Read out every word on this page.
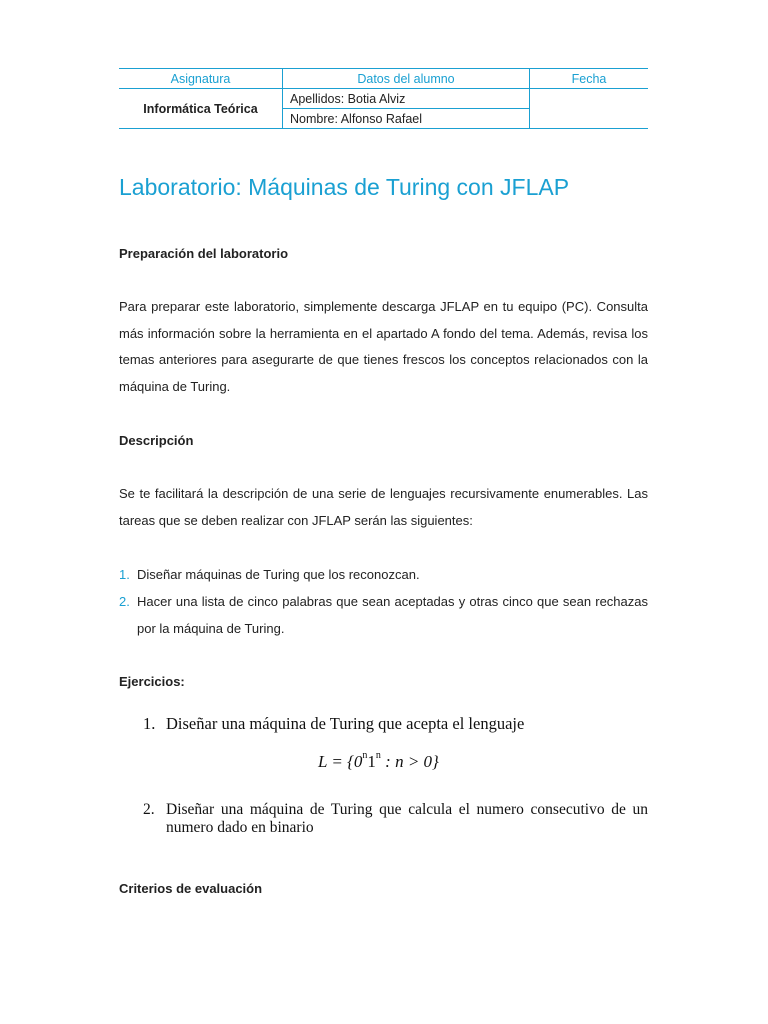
Asignatura	Datos del alumno	Fecha
Informática Teórica	Apellidos: Botia Alviz	
	Nombre: Alfonso Rafael	
Laboratorio: Máquinas de Turing con JFLAP
Preparación del laboratorio
Para preparar este laboratorio, simplemente descarga JFLAP en tu equipo (PC). Consulta más información sobre la herramienta en el apartado A fondo del tema. Además, revisa los temas anteriores para asegurarte de que tienes frescos los conceptos relacionados con la máquina de Turing.
Descripción
Se te facilitará la descripción de una serie de lenguajes recursivamente enumerables. Las tareas que se deben realizar con JFLAP serán las siguientes:
1. Diseñar máquinas de Turing que los reconozcan.
2. Hacer una lista de cinco palabras que sean aceptadas y otras cinco que sean rechazas por la máquina de Turing.
Ejercicios:
1. Diseñar una máquina de Turing que acepta el lenguaje
$L = \{0^n1^n$ : n > 0}
2. Diseñar una máquina de Turing que calcula el numero consecutivo de un numero dado en binario
Criterios de evaluación
